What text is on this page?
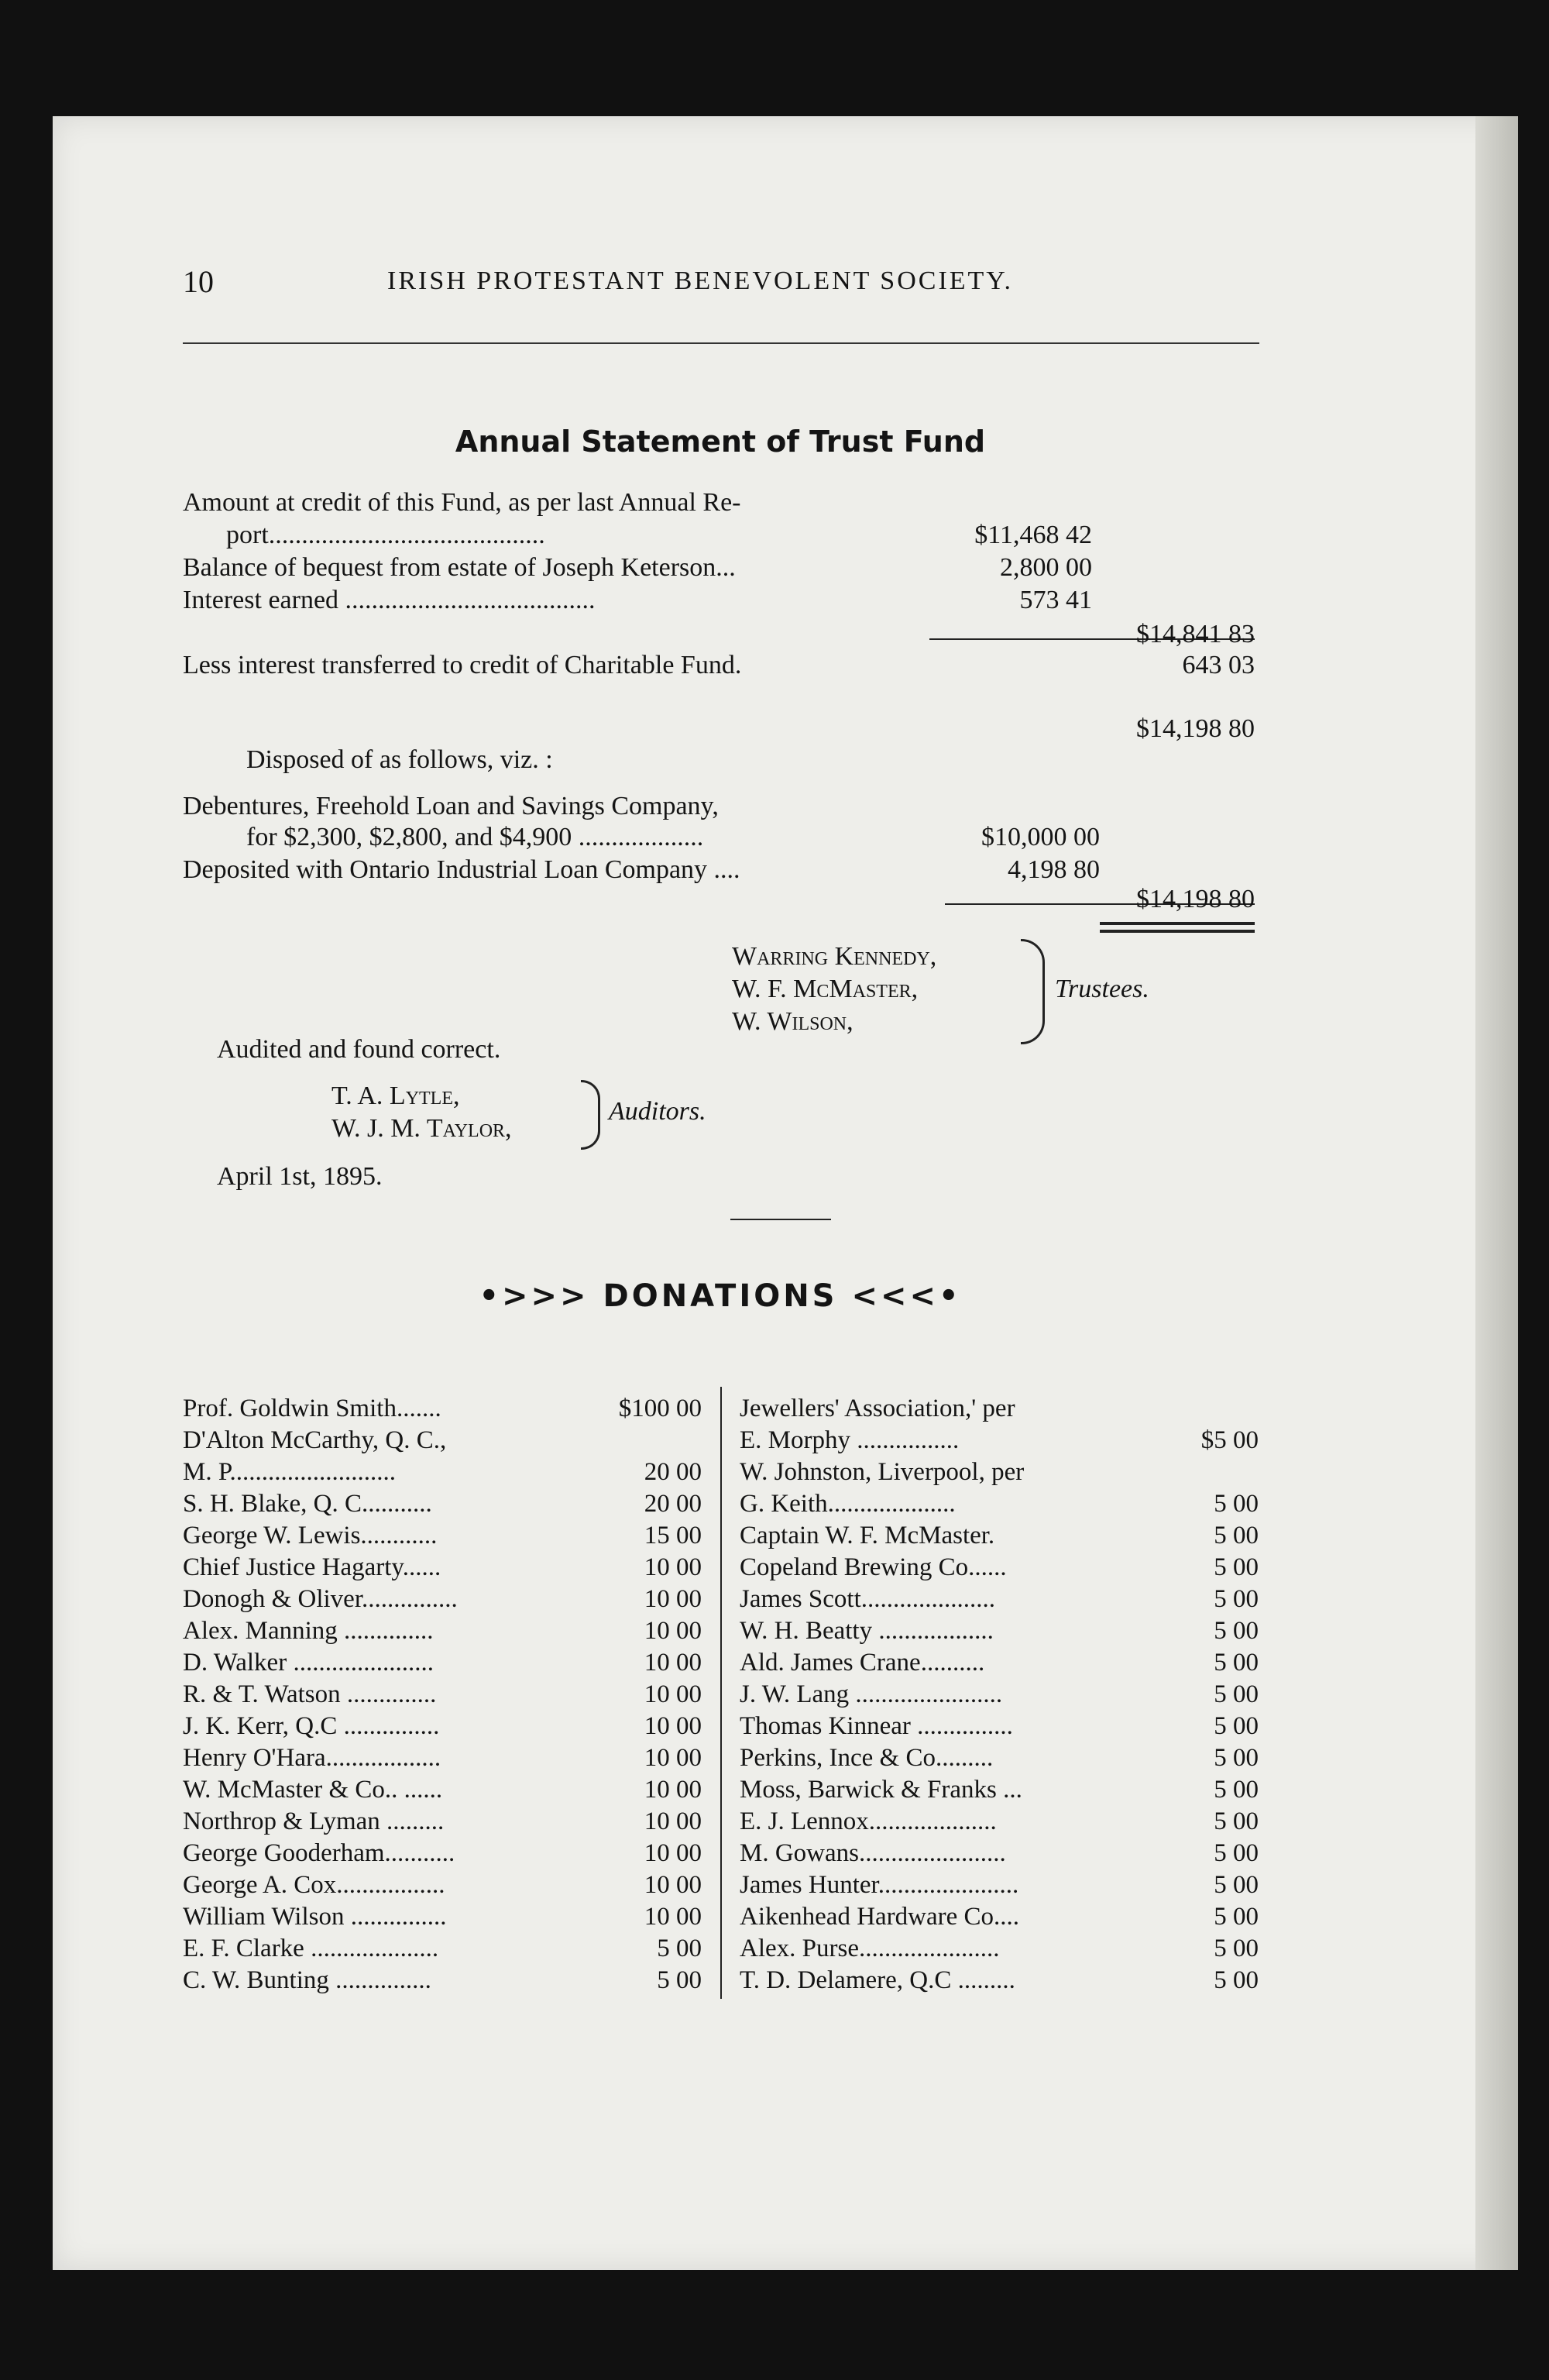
10	IRISH PROTESTANT BENEVOLENT SOCIETY.
Annual Statement of Trust Fund
Amount at credit of this Fund, as per last Annual Re-
port..........................................	$11,468 42
Balance of bequest from estate of Joseph Keterson...	2,800 00
Interest earned ......................................	573 41
$14,841 83
Less interest transferred to credit of Charitable Fund.	643 03
$14,198 80
Disposed of as follows, viz. :
Debentures, Freehold Loan and Savings Company,
for $2,300, $2,800, and $4,900 ...................	$10,000 00
Deposited with Ontario Industrial Loan Company ....	4,198 80
$14,198 80
Warring Kennedy,
W. F. McMaster,
W. Wilson,
Trustees.
Audited and found correct.
T. A. Lytle,
W. J. M. Taylor,
Auditors.
April 1st, 1895.
•>>> DONATIONS <<<•
Prof. Goldwin Smith.......	$100 00
D'Alton McCarthy, Q. C.,
M. P..........................	20 00
S. H. Blake, Q. C...........	20 00
George W. Lewis............	15 00
Chief Justice Hagarty......	10 00
Donogh & Oliver...............	10 00
Alex. Manning ..............	10 00
D. Walker ......................	10 00
R. & T. Watson ..............	10 00
J. K. Kerr, Q.C ...............	10 00
Henry O'Hara..................	10 00
W. McMaster & Co.. ......	10 00
Northrop & Lyman .........	10 00
George Gooderham...........	10 00
George A. Cox.................	10 00
William Wilson ...............	10 00
E. F. Clarke ....................	5 00
C. W. Bunting ...............	5 00
Jewellers' Association,' per
E. Morphy ................	$5 00
W. Johnston, Liverpool, per
G. Keith....................	5 00
Captain W. F. McMaster.	5 00
Copeland Brewing Co......	5 00
James Scott.....................	5 00
W. H. Beatty ..................	5 00
Ald. James Crane..........	5 00
J. W. Lang .......................	5 00
Thomas Kinnear ...............	5 00
Perkins, Ince & Co.........	5 00
Moss, Barwick & Franks ...	5 00
E. J. Lennox....................	5 00
M. Gowans.......................	5 00
James Hunter......................	5 00
Aikenhead Hardware Co....	5 00
Alex. Purse......................	5 00
T. D. Delamere, Q.C .........	5 00
